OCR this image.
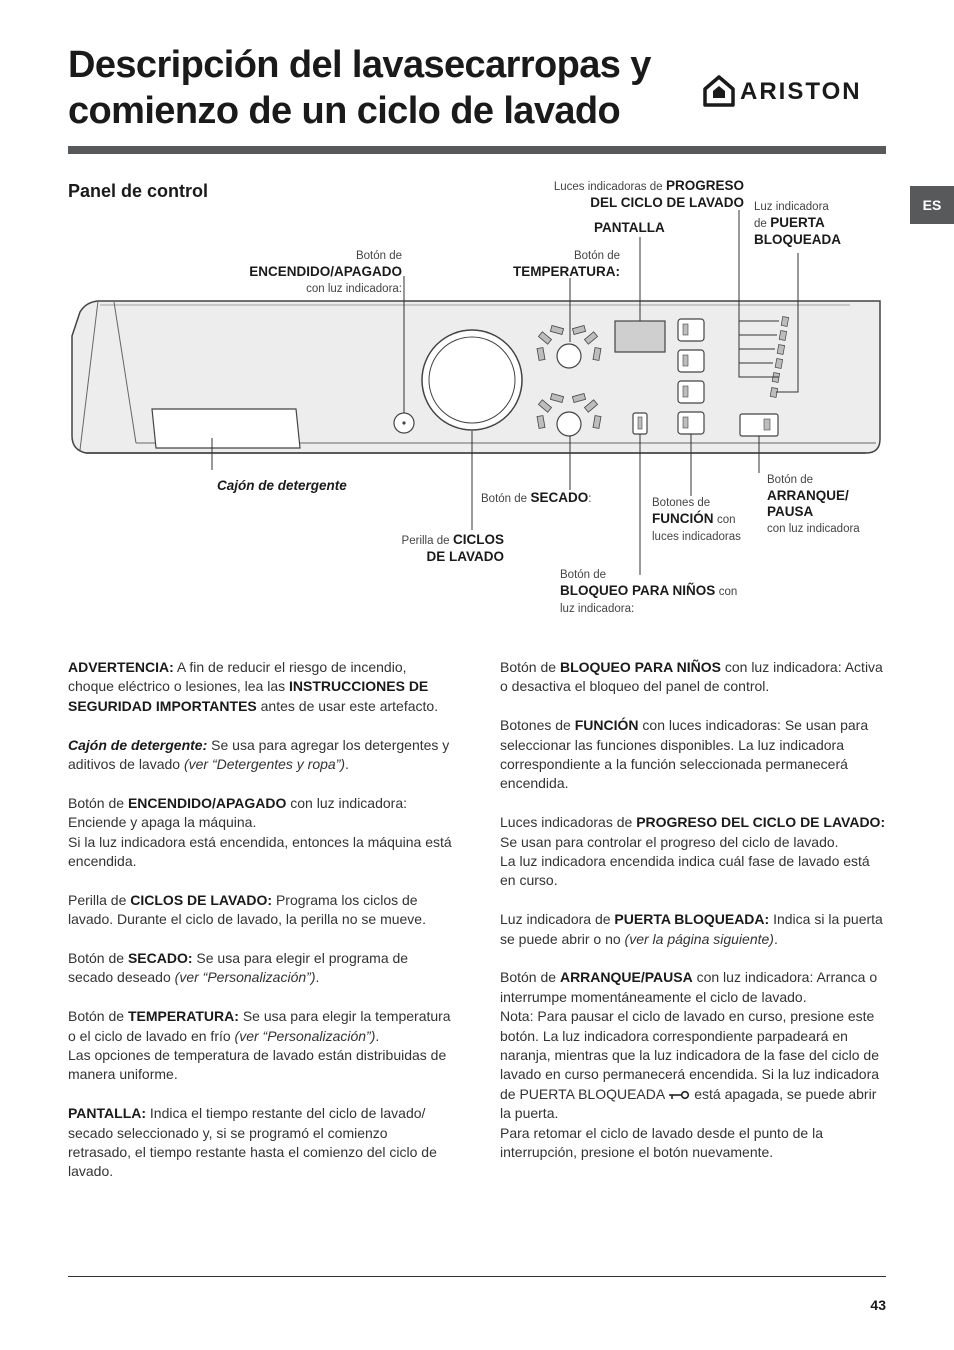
Descripción del lavasecarropas y
comienzo de un ciclo de lavado	ARISTON
ES
Panel de control	Luces indicadoras de PROGRESO
DEL CICLO DE LAVADO
PANTALLA
Luz indicadora
de PUERTA
BLOQUEADA
Botón de
ENCENDIDO/APAGADO
con luz indicadora:
Botón de
TEMPERATURA:
Cajón de detergente
Botón de SECADO:	Botones de
FUNCIÓN con
luces indicadoras
Botón de
ARRANQUE/
PAUSA
con luz indicadora
Perilla de CICLOS
DE LAVADO
Botón de
BLOQUEO PARA NIÑOS con
luz indicadora:

ADVERTENCIA: A fin de reducir el riesgo de incendio, choque eléctrico o lesiones, lea las INSTRUCCIONES DE SEGURIDAD IMPORTANTES antes de usar este artefacto.

Cajón de detergente: Se usa para agregar los detergentes y aditivos de lavado (ver “Detergentes y ropa”).

Botón de ENCENDIDO/APAGADO con luz indicadora: Enciende y apaga la máquina.
Si la luz indicadora está encendida, entonces la máquina está encendida.

Perilla de CICLOS DE LAVADO: Programa los ciclos de lavado. Durante el ciclo de lavado, la perilla no se mueve.

Botón de SECADO: Se usa para elegir el programa de secado deseado (ver “Personalización”).

Botón de TEMPERATURA: Se usa para elegir la temperatura o el ciclo de lavado en frío (ver “Personalización”).
Las opciones de temperatura de lavado están distribuidas de manera uniforme.

PANTALLA: Indica el tiempo restante del ciclo de lavado/ secado seleccionado y, si se programó el comienzo retrasado, el tiempo restante hasta el comienzo del ciclo de lavado.

Botón de BLOQUEO PARA NIÑOS con luz indicadora: Activa o desactiva el bloqueo del panel de control.

Botones de FUNCIÓN con luces indicadoras: Se usan para seleccionar las funciones disponibles. La luz indicadora correspondiente a la función seleccionada permanecerá encendida.

Luces indicadoras de PROGRESO DEL CICLO DE LAVADO: Se usan para controlar el progreso del ciclo de lavado.
La luz indicadora encendida indica cuál fase de lavado está en curso.

Luz indicadora de PUERTA BLOQUEADA: Indica si la puerta se puede abrir o no (ver la página siguiente).

Botón de ARRANQUE/PAUSA con luz indicadora: Arranca o interrumpe momentáneamente el ciclo de lavado.
Nota: Para pausar el ciclo de lavado en curso, presione este botón. La luz indicadora correspondiente parpadeará en naranja, mientras que la luz indicadora de la fase del ciclo de lavado en curso permanecerá encendida. Si la luz indicadora de PUERTA BLOQUEADA está apagada, se puede abrir la puerta.
Para retomar el ciclo de lavado desde el punto de la interrupción, presione el botón nuevamente.

43
